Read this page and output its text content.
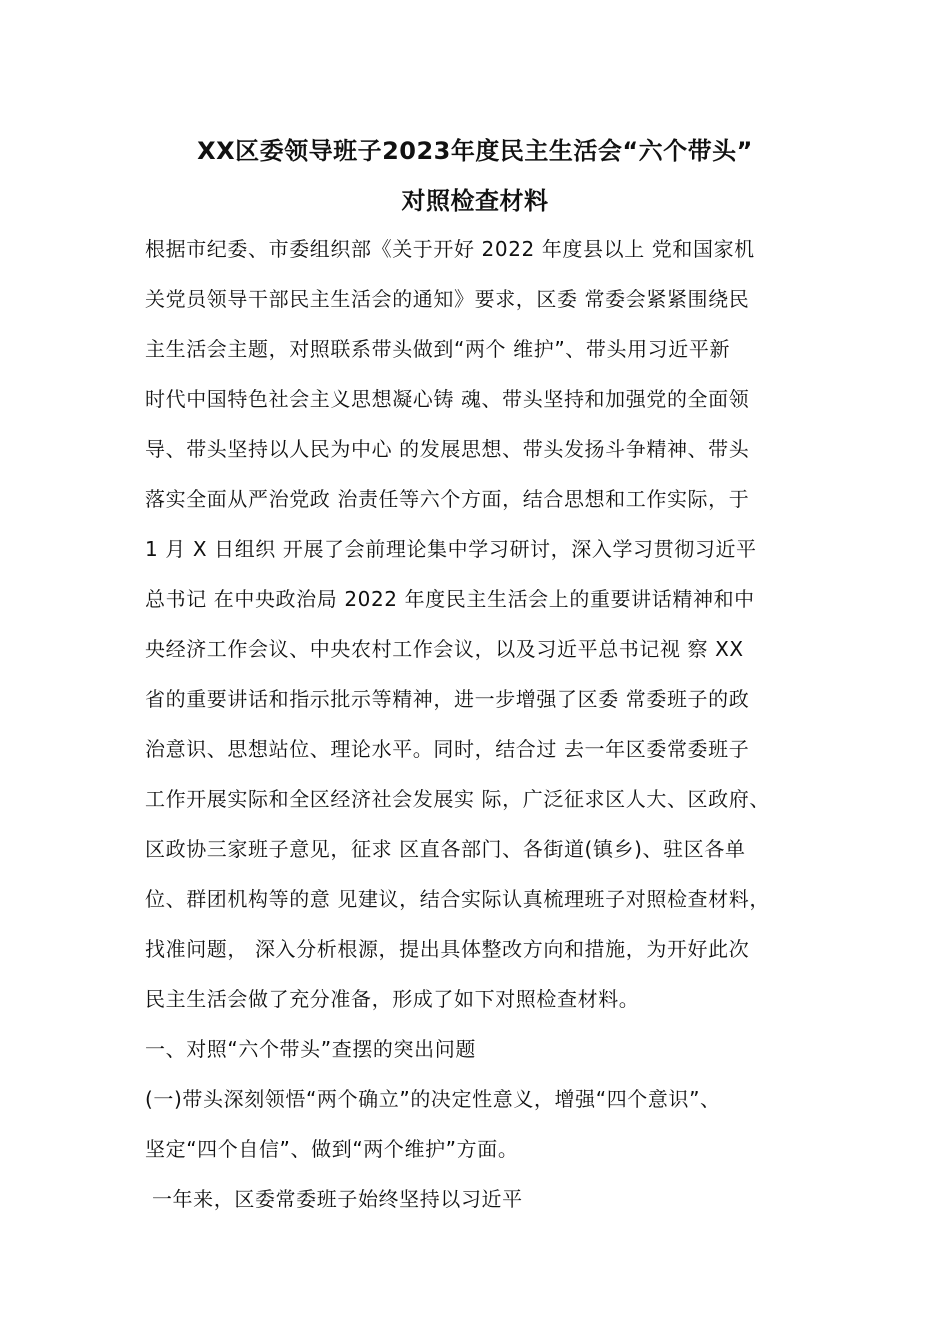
XX区委领导班子2023年度民主生活会“六个带头”
对照检查材料
根据市纪委、市委组织部《关于开好 2022 年度县以上 党和国家机
关党员领导干部民主生活会的通知》要求，区委 常委会紧紧围绕民
主生活会主题，对照联系带头做到“两个 维护”、带头用习近平新
时代中国特色社会主义思想凝心铸 魂、带头坚持和加强党的全面领
导、带头坚持以人民为中心 的发展思想、带头发扬斗争精神、带头
落实全面从严治党政 治责任等六个方面，结合思想和工作实际，于
1 月 X 日组织 开展了会前理论集中学习研讨，深入学习贯彻习近平
总书记 在中央政治局 2022 年度民主生活会上的重要讲话精神和中
央经济工作会议、中央农村工作会议，以及习近平总书记视 察 XX
省的重要讲话和指示批示等精神，进一步增强了区委 常委班子的政
治意识、思想站位、理论水平。同时，结合过 去一年区委常委班子
工作开展实际和全区经济社会发展实 际，广泛征求区人大、区政府、
区政协三家班子意见，征求 区直各部门、各街道(镇乡)、驻区各单
位、群团机构等的意 见建议，结合实际认真梳理班子对照检查材料，
找准问题， 深入分析根源，提出具体整改方向和措施，为开好此次
民主生活会做了充分准备，形成了如下对照检查材料。
一、对照“六个带头”查摆的突出问题
(一)带头深刻领悟“两个确立”的决定性意义，增强“四个意识”、
坚定“四个自信”、做到“两个维护”方面。
一年来，区委常委班子始终坚持以习近平
